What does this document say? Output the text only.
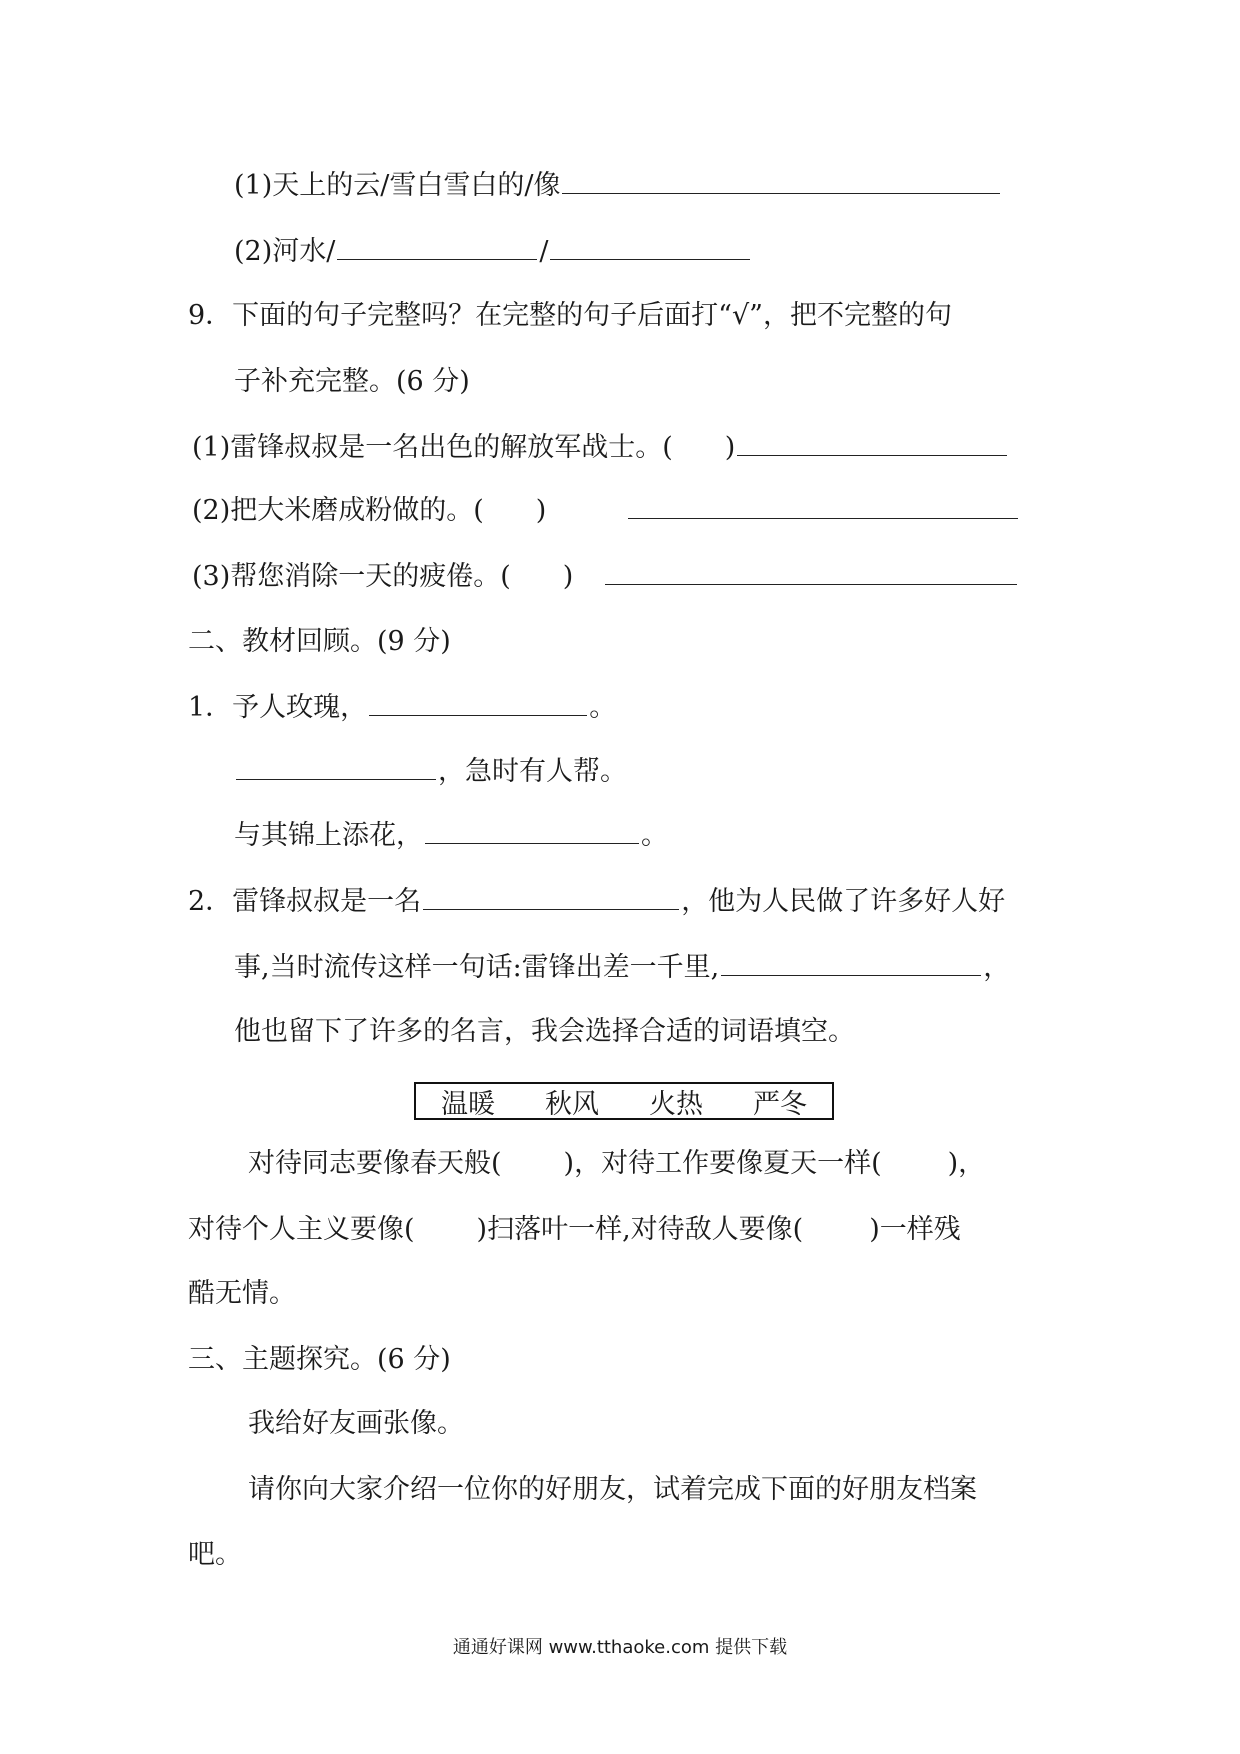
(1)天上的云/雪白雪白的/像
(2)河水/	/
9．下面的句子完整吗？在完整的句子后面打“√”，把不完整的句
子补充完整。(6 分)
(1)雷锋叔叔是一名出色的解放军战士。( )
(2)把大米磨成粉做的。( )
(3)帮您消除一天的疲倦。( )
二、教材回顾。(9 分)
1．予人玫瑰，	。
，急时有人帮。
与其锦上添花，	。
2．雷锋叔叔是一名	，他为人民做了许多好人好
事,当时流传这样一句话:雷锋出差一千里,	，
他也留下了许多的名言，我会选择合适的词语填空。
温暖 秋风 火热 严冬
对待同志要像春天般( )，对待工作要像夏天一样( )，
对待个人主义要像( )扫落叶一样,对待敌人要像( )一样残
酷无情。
三、主题探究。(6 分)
我给好友画张像。
请你向大家介绍一位你的好朋友，试着完成下面的好朋友档案
吧。
通通好课网 www.tthaoke.com 提供下载
